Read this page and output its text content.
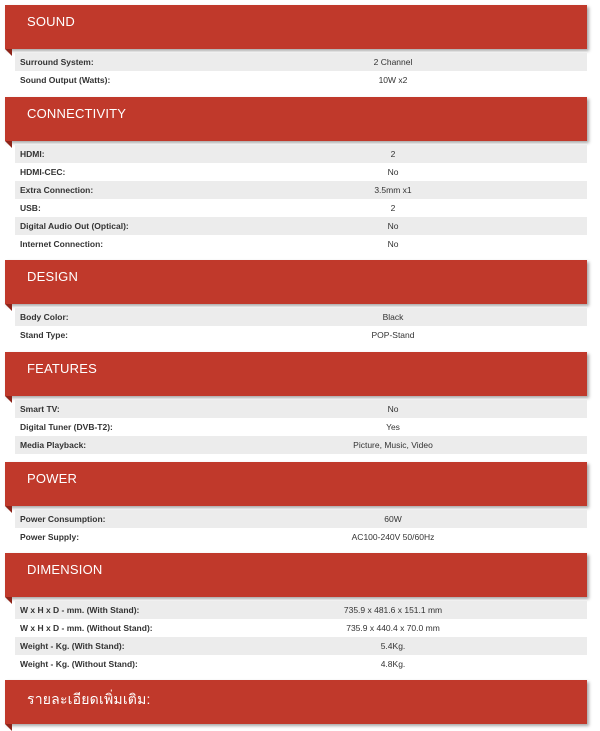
SOUND
Surround System:	2 Channel
Sound Output (Watts):	10W x2
CONNECTIVITY
HDMI:	2
HDMI-CEC:	No
Extra Connection:	3.5mm x1
USB:	2
Digital Audio Out (Optical):	No
Internet Connection:	No
DESIGN
Body Color:	Black
Stand Type:	POP-Stand
FEATURES
Smart TV:	No
Digital Tuner (DVB-T2):	Yes
Media Playback:	Picture, Music, Video
POWER
Power Consumption:	60W
Power Supply:	AC100-240V 50/60Hz
DIMENSION
W x H x D - mm. (With Stand):	735.9 x 481.6 x 151.1 mm
W x H x D - mm. (Without Stand):	735.9 x 440.4 x 70.0 mm
Weight - Kg. (With Stand):	5.4Kg.
Weight - Kg. (Without Stand):	4.8Kg.
รายละเอียดเพิ่มเติม:
